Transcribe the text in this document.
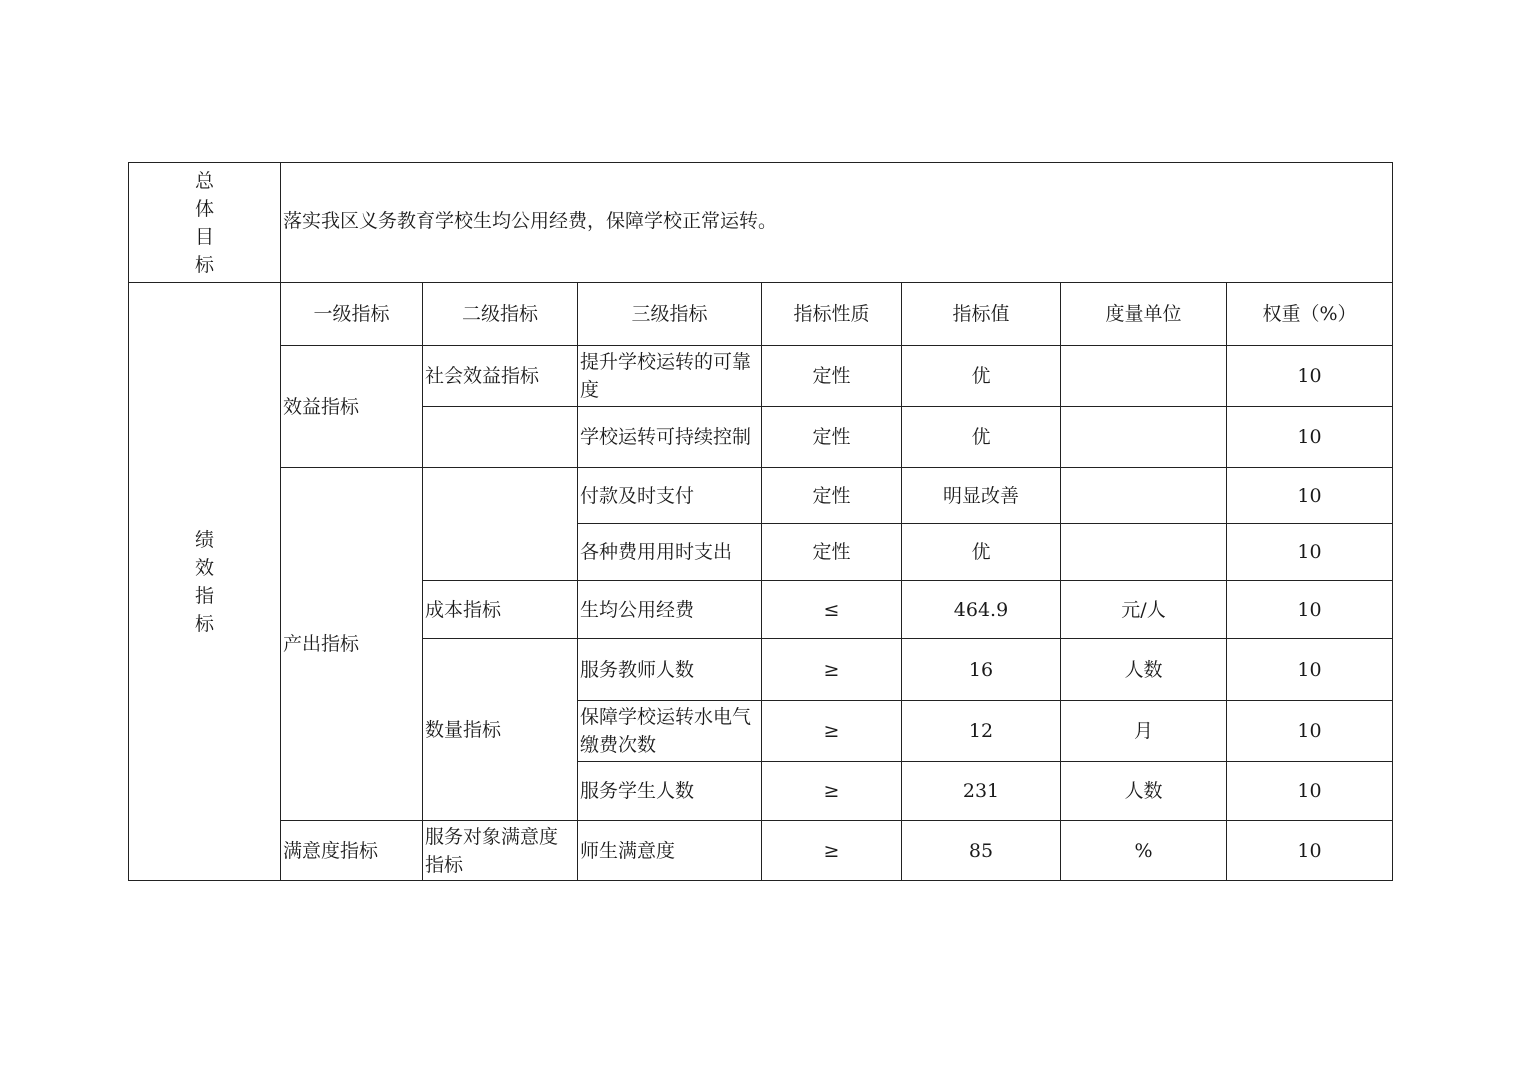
总
体
目
标	落实我区义务教育学校生均公用经费，保障学校正常运转。						

绩
效
指
标	一级指标	二级指标	三级指标	指标性质	指标值	度量单位	权重（%）
	效益指标	社会效益指标	提升学校运转的可靠度	定性	优		10
			学校运转可持续控制	定性	优		10
	产出指标		付款及时支付	定性	明显改善		10
			各种费用用时支出	定性	优		10
		成本指标	生均公用经费	≤	464.9	元/人	10
		数量指标	服务教师人数	≥	16	人数	10
			保障学校运转水电气缴费次数	≥	12	月	10
			服务学生人数	≥	231	人数	10
	满意度指标	服务对象满意度指标	师生满意度	≥	85	%	10
